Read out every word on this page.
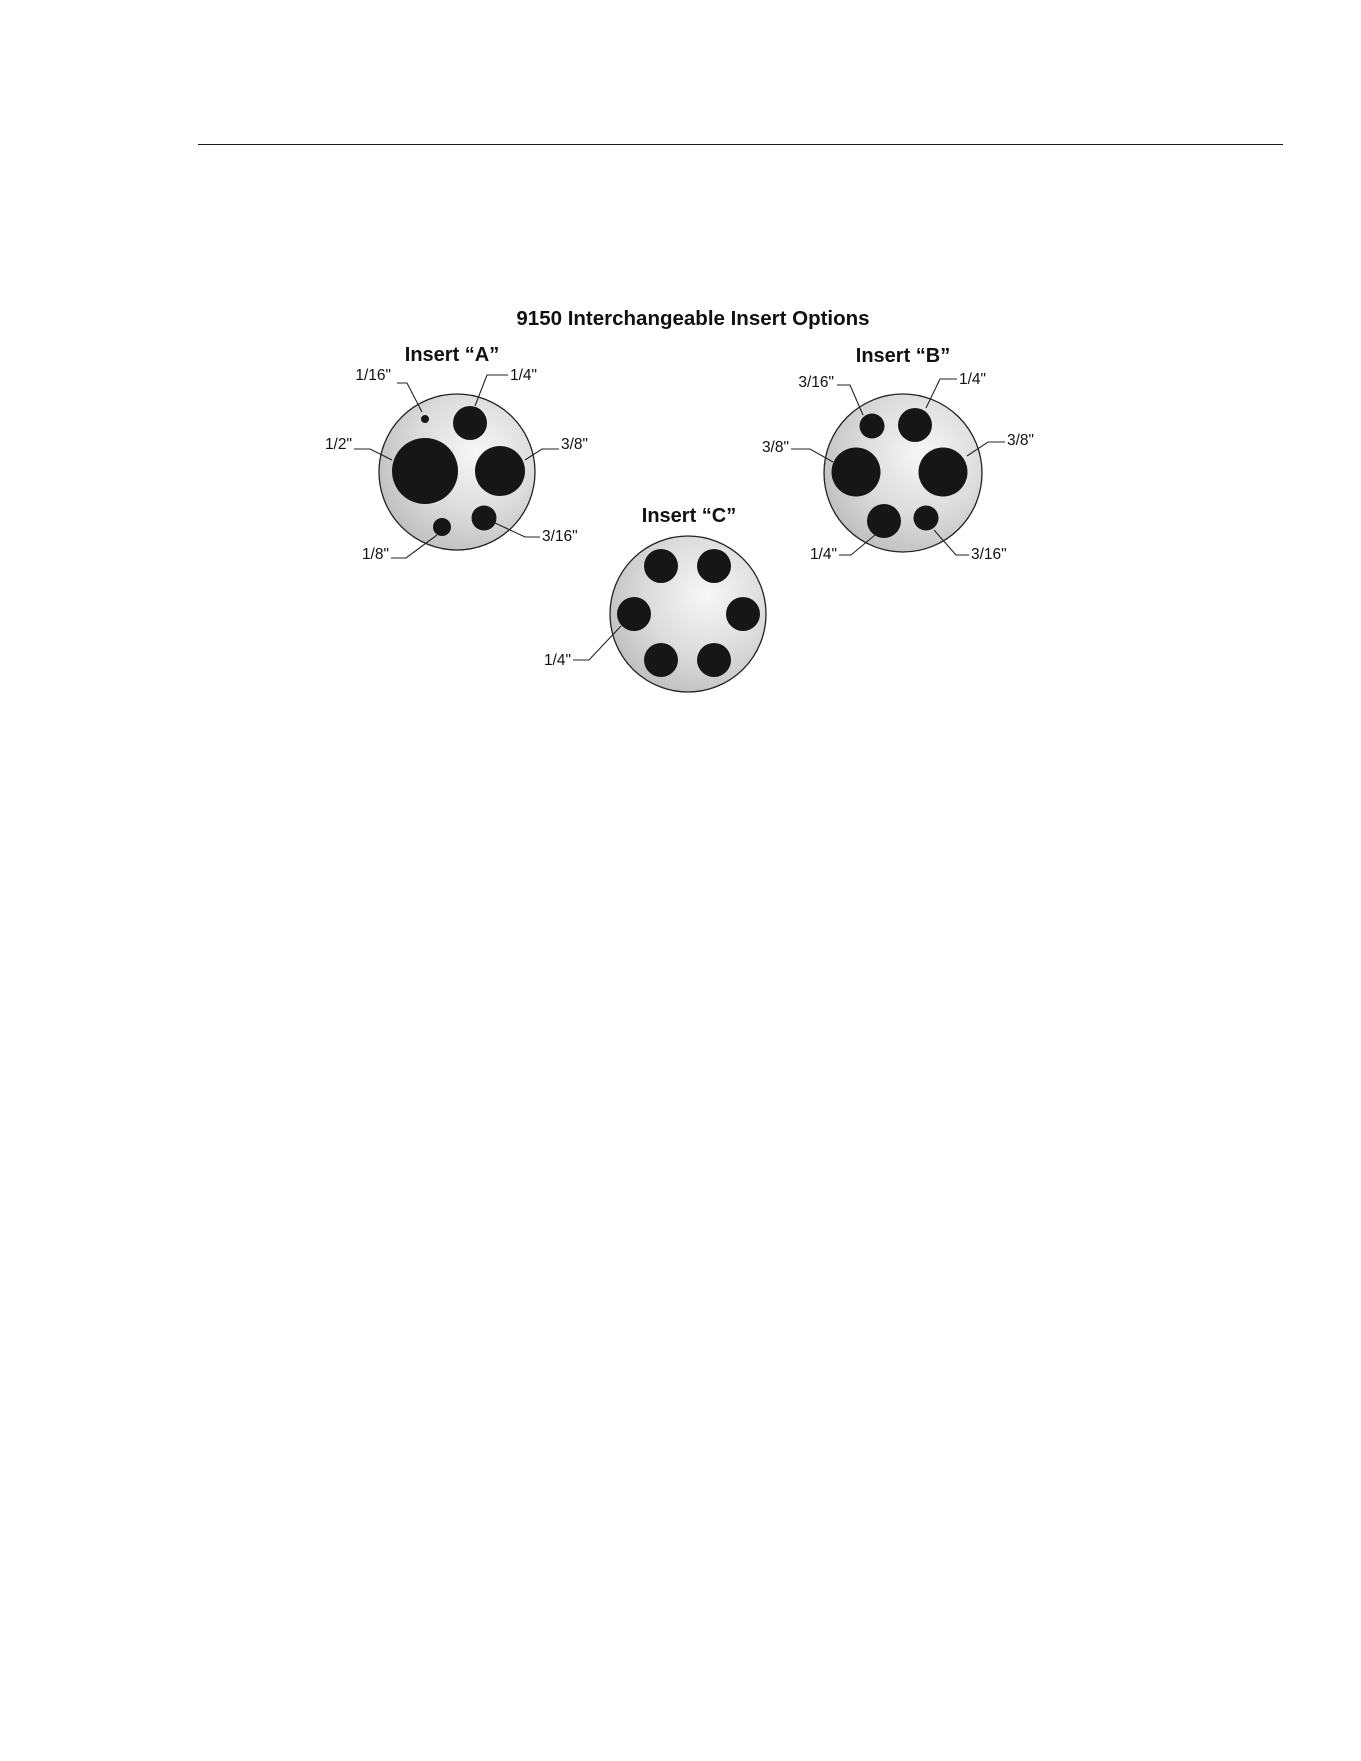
9150 Interchangeable Insert Options
Insert “A”
1/16"	1/4"
1/2"	3/8"
1/8"
3/16"
Insert “B”
3/16"	1/4"
3/8"	3/8"
1/4"	3/16"
Insert “C”
1/4"
